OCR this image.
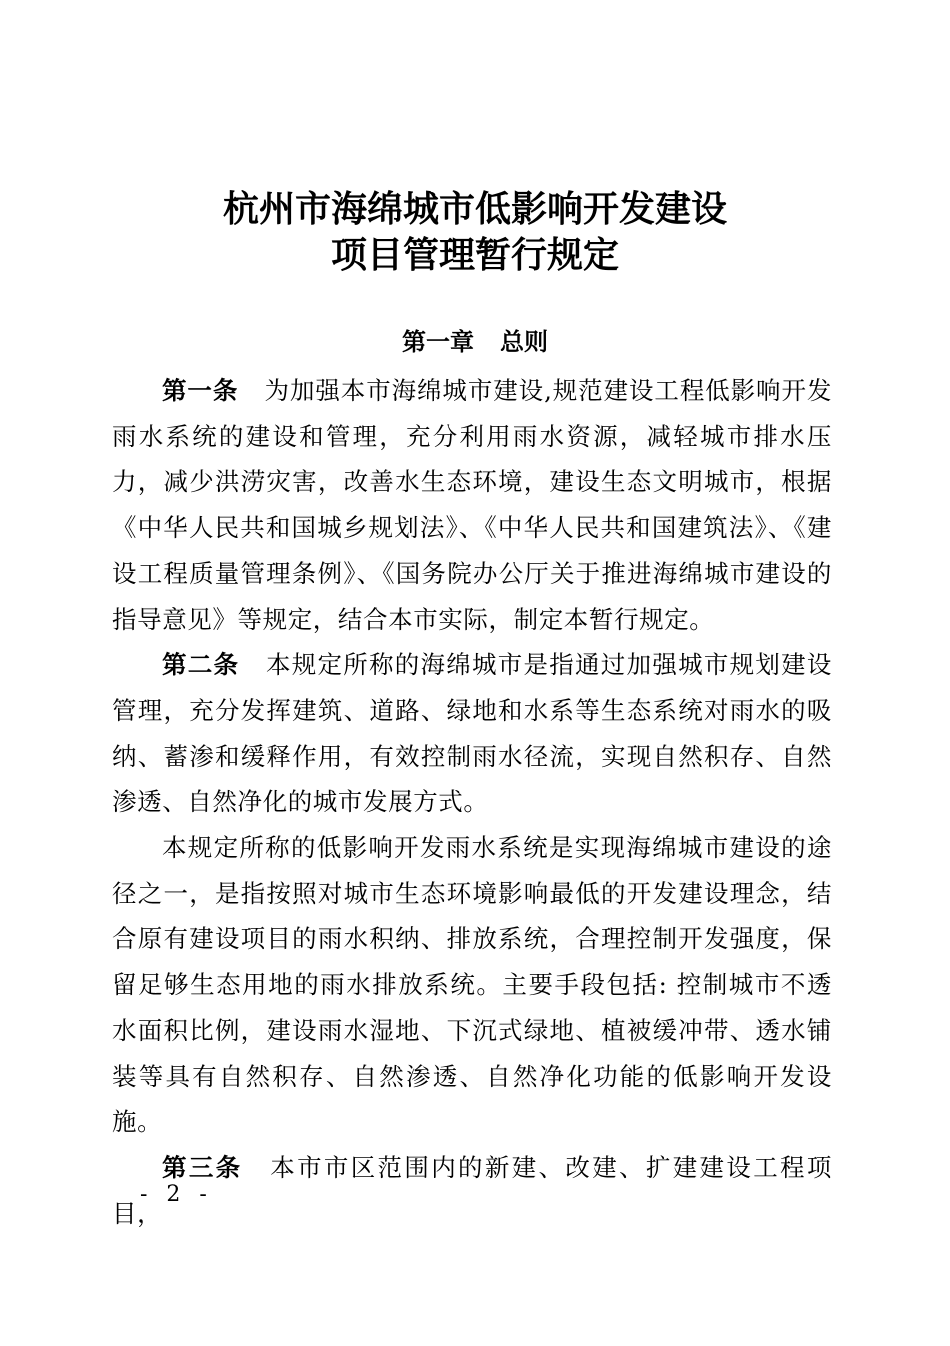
杭州市海绵城市低影响开发建设
项目管理暂行规定
第一章 总则

第一条 为加强本市海绵城市建设,规范建设工程低影响开发雨水系统的建设和管理，充分利用雨水资源，减轻城市排水压力，减少洪涝灾害，改善水生态环境，建设生态文明城市，根据《中华人民共和国城乡规划法》、《中华人民共和国建筑法》、《建设工程质量管理条例》、《国务院办公厅关于推进海绵城市建设的指导意见》等规定，结合本市实际，制定本暂行规定。

第二条 本规定所称的海绵城市是指通过加强城市规划建设管理，充分发挥建筑、道路、绿地和水系等生态系统对雨水的吸纳、蓄渗和缓释作用，有效控制雨水径流，实现自然积存、自然渗透、自然净化的城市发展方式。

本规定所称的低影响开发雨水系统是实现海绵城市建设的途径之一，是指按照对城市生态环境影响最低的开发建设理念，结合原有建设项目的雨水积纳、排放系统，合理控制开发强度，保留足够生态用地的雨水排放系统。主要手段包括: 控制城市不透水面积比例，建设雨水湿地、下沉式绿地、植被缓冲带、透水铺装等具有自然积存、自然渗透、自然净化功能的低影响开发设施。

第三条 本市市区范围内的新建、改建、扩建建设工程项目，

- 2 -
